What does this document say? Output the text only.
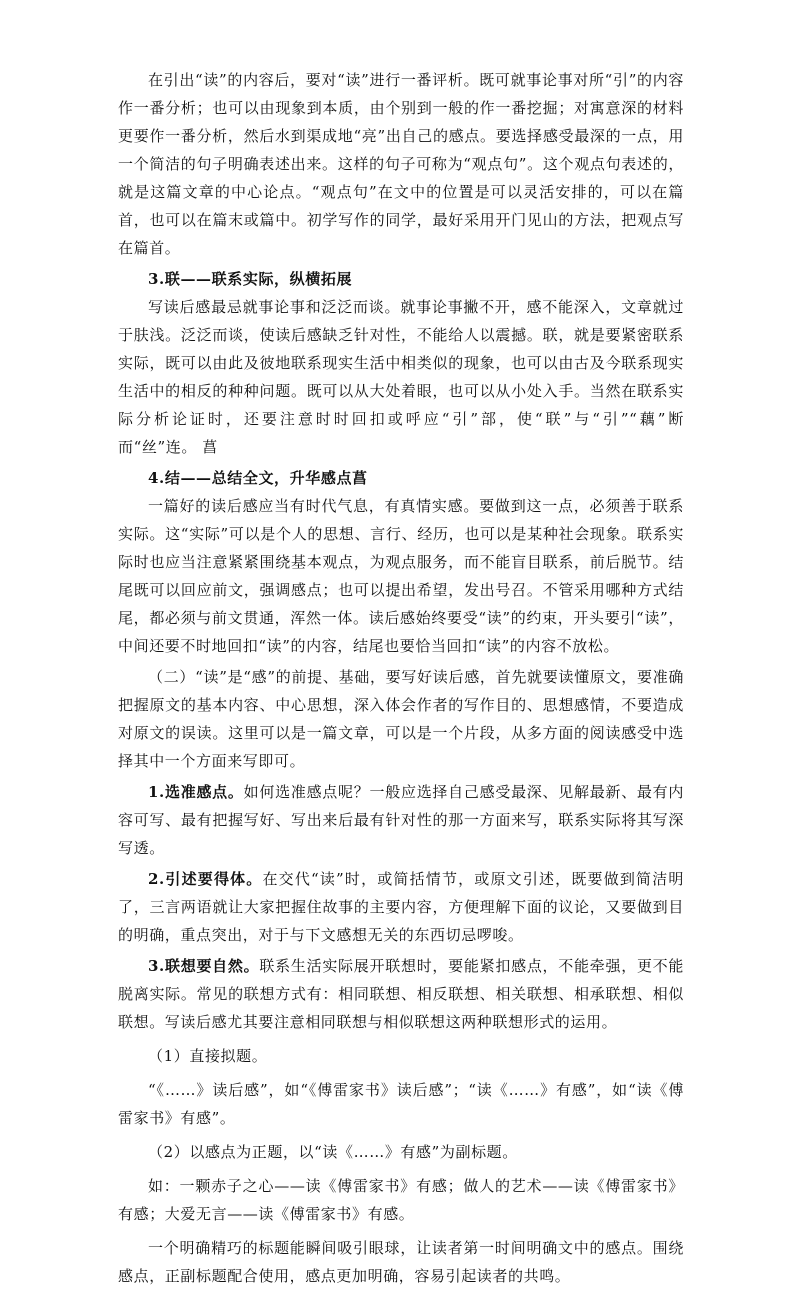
在引出“读”的内容后，要对“读”进行一番评析。既可就事论事对所“引”的内容作一番分析；也可以由现象到本质，由个别到一般的作一番挖掘；对寓意深的材料更要作一番分析，然后水到渠成地“亮”出自己的感点。要选择感受最深的一点，用一个简洁的句子明确表述出来。这样的句子可称为“观点句”。这个观点句表述的，就是这篇文章的中心论点。“观点句”在文中的位置是可以灵活安排的，可以在篇首，也可以在篇末或篇中。初学写作的同学，最好采用开门见山的方法，把观点写在篇首。

3.联——联系实际，纵横拓展

写读后感最忌就事论事和泛泛而谈。就事论事撇不开，感不能深入，文章就过于肤浅。泛泛而谈，使读后感缺乏针对性，不能给人以震撼。联，就是要紧密联系实际，既可以由此及彼地联系现实生活中相类似的现象，也可以由古及今联系现实生活中的相反的种种问题。既可以从大处着眼，也可以从小处入手。当然在联系实际分析论证时，还要注意时时回扣或呼应“引”部，使“联”与“引”“藕”断而“丝”连。 菖

4.结——总结全文，升华感点菖

一篇好的读后感应当有时代气息，有真情实感。要做到这一点，必须善于联系实际。这“实际”可以是个人的思想、言行、经历，也可以是某种社会现象。联系实际时也应当注意紧紧围绕基本观点，为观点服务，而不能盲目联系，前后脱节。结尾既可以回应前文，强调感点；也可以提出希望，发出号召。不管采用哪种方式结尾，都必须与前文贯通，浑然一体。读后感始终要受“读”的约束，开头要引“读”，中间还要不时地回扣“读”的内容，结尾也要恰当回扣“读”的内容不放松。

（二）“读”是“感”的前提、基础，要写好读后感，首先就要读懂原文，要准确把握原文的基本内容、中心思想，深入体会作者的写作目的、思想感情，不要造成对原文的误读。这里可以是一篇文章，可以是一个片段，从多方面的阅读感受中选择其中一个方面来写即可。

1.选准感点。如何选准感点呢？一般应选择自己感受最深、见解最新、最有内容可写、最有把握写好、写出来后最有针对性的那一方面来写，联系实际将其写深写透。

2.引述要得体。在交代“读”时，或简括情节，或原文引述，既要做到简洁明了，三言两语就让大家把握住故事的主要内容，方便理解下面的议论，又要做到目的明确，重点突出，对于与下文感想无关的东西切忌啰唆。

3.联想要自然。联系生活实际展开联想时，要能紧扣感点，不能牵强，更不能脱离实际。常见的联想方式有：相同联想、相反联想、相关联想、相承联想、相似联想。写读后感尤其要注意相同联想与相似联想这两种联想形式的运用。

（1）直接拟题。

“《……》读后感”，如“《傅雷家书》读后感”；“读《……》有感”，如“读《傅雷家书》有感”。

（2）以感点为正题，以“读《……》有感”为副标题。

如：一颗赤子之心——读《傅雷家书》有感；做人的艺术——读《傅雷家书》有感；大爱无言——读《傅雷家书》有感。

一个明确精巧的标题能瞬间吸引眼球，让读者第一时间明确文中的感点。围绕感点，正副标题配合使用，感点更加明确，容易引起读者的共鸣。
